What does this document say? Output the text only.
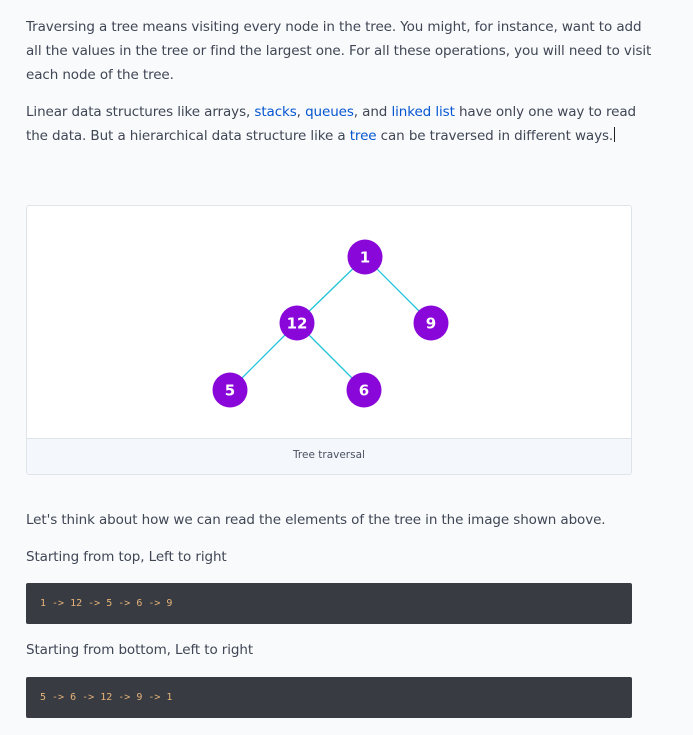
Traversing a tree means visiting every node in the tree. You might, for instance, want to add all the values in the tree or find the largest one. For all these operations, you will need to visit each node of the tree.

Linear data structures like arrays, stacks, queues, and linked list have only one way to read the data. But a hierarchical data structure like a tree can be traversed in different ways.

1
12	9
5	6
Tree traversal

Let's think about how we can read the elements of the tree in the image shown above.

Starting from top, Left to right

1 -> 12 -> 5 -> 6 -> 9

Starting from bottom, Left to right

5 -> 6 -> 12 -> 9 -> 1
